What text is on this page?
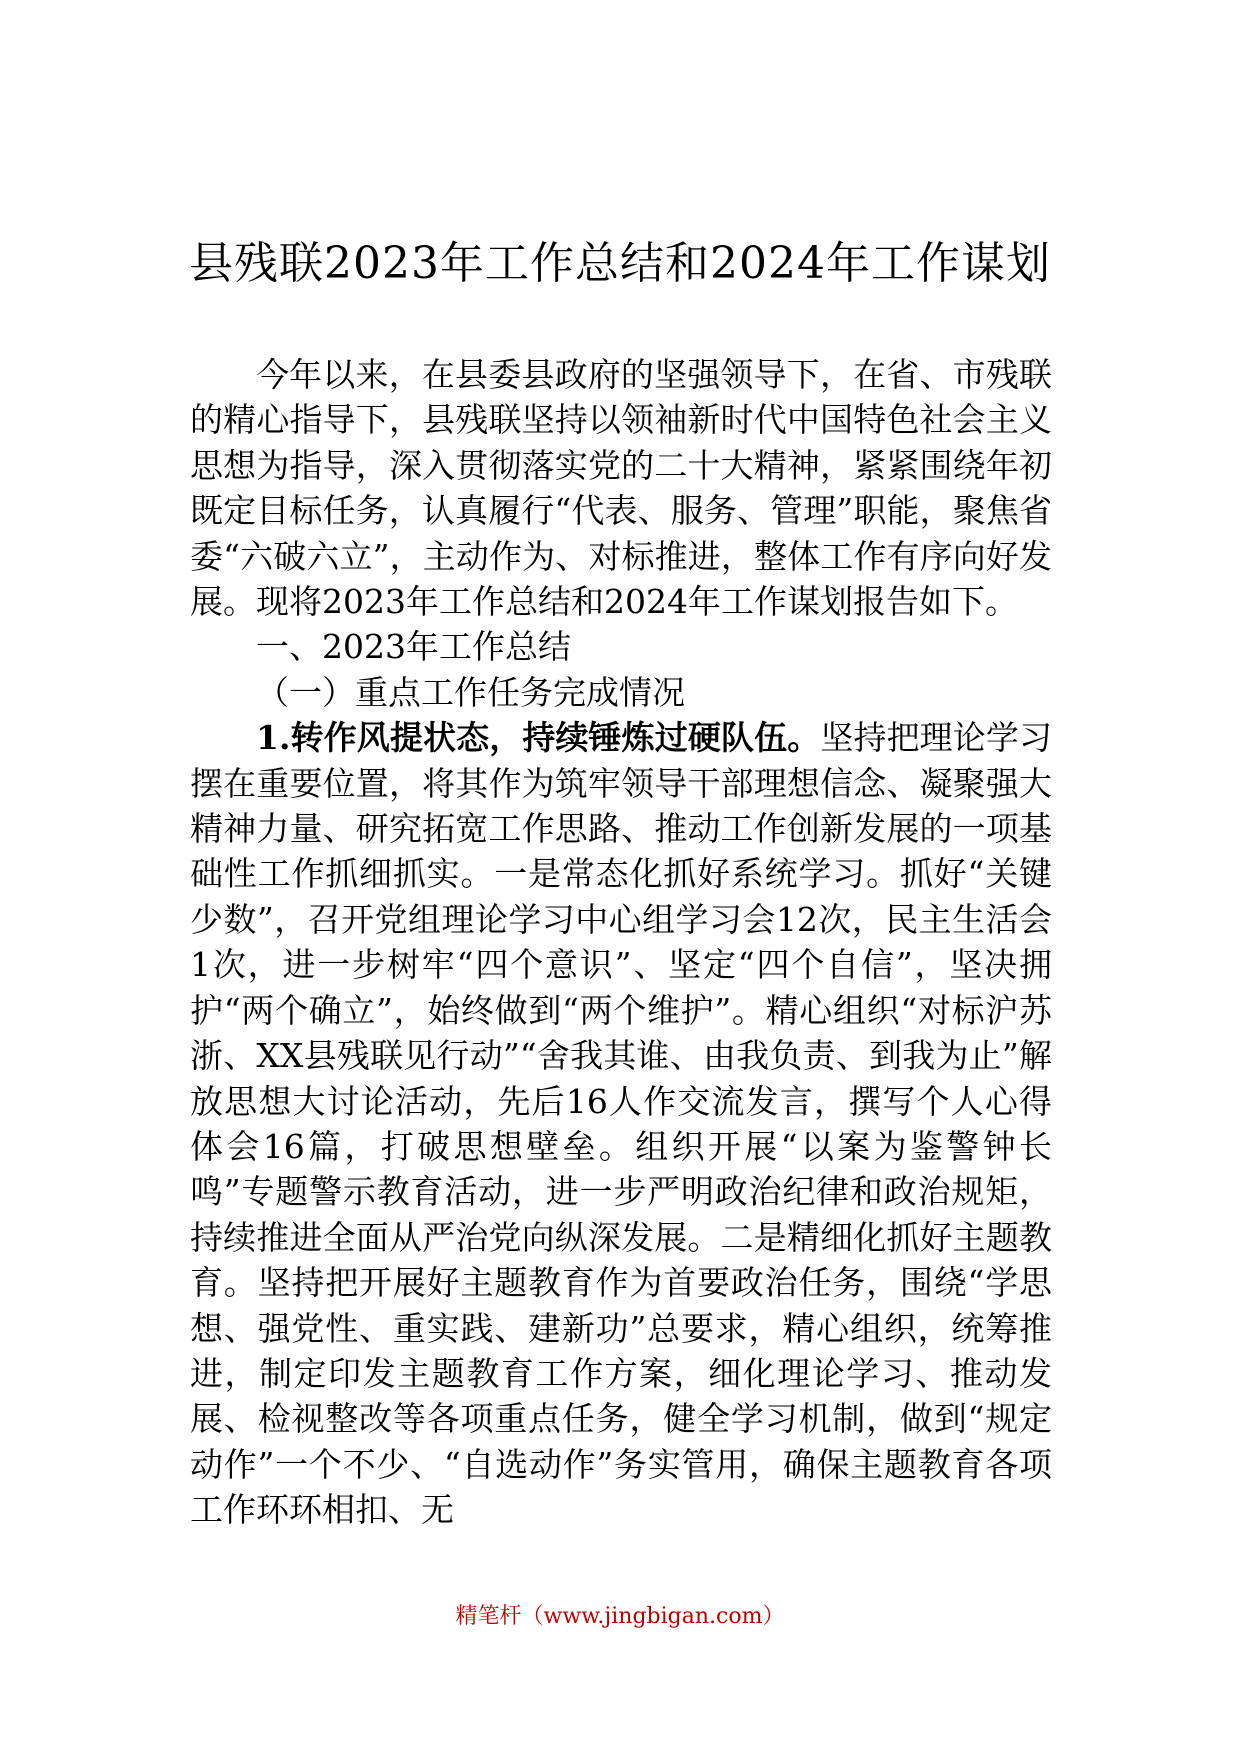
县残联2023年工作总结和2024年工作谋划

今年以来，在县委县政府的坚强领导下，在省、市残联的精心指导下，县残联坚持以领袖新时代中国特色社会主义思想为指导，深入贯彻落实党的二十大精神，紧紧围绕年初既定目标任务，认真履行“代表、服务、管理”职能，聚焦省委“六破六立”，主动作为、对标推进，整体工作有序向好发展。现将2023年工作总结和2024年工作谋划报告如下。

一、2023年工作总结

（一）重点工作任务完成情况

1.转作风提状态，持续锤炼过硬队伍。坚持把理论学习摆在重要位置，将其作为筑牢领导干部理想信念、凝聚强大精神力量、研究拓宽工作思路、推动工作创新发展的一项基础性工作抓细抓实。一是常态化抓好系统学习。抓好“关键少数”，召开党组理论学习中心组学习会12次，民主生活会1次，进一步树牢“四个意识”、坚定“四个自信”，坚决拥护“两个确立”，始终做到“两个维护”。精心组织“对标沪苏浙、XX县残联见行动”“舍我其谁、由我负责、到我为止”解放思想大讨论活动，先后16人作交流发言，撰写个人心得体会16篇，打破思想壁垒。组织开展“以案为鉴警钟长鸣”专题警示教育活动，进一步严明政治纪律和政治规矩，持续推进全面从严治党向纵深发展。二是精细化抓好主题教育。坚持把开展好主题教育作为首要政治任务，围绕“学思想、强党性、重实践、建新功”总要求，精心组织，统筹推进，制定印发主题教育工作方案，细化理论学习、推动发展、检视整改等各项重点任务，健全学习机制，做到“规定动作”一个不少、“自选动作”务实管用，确保主题教育各项工作环环相扣、无

精笔杆（www.jingbigan.com）
